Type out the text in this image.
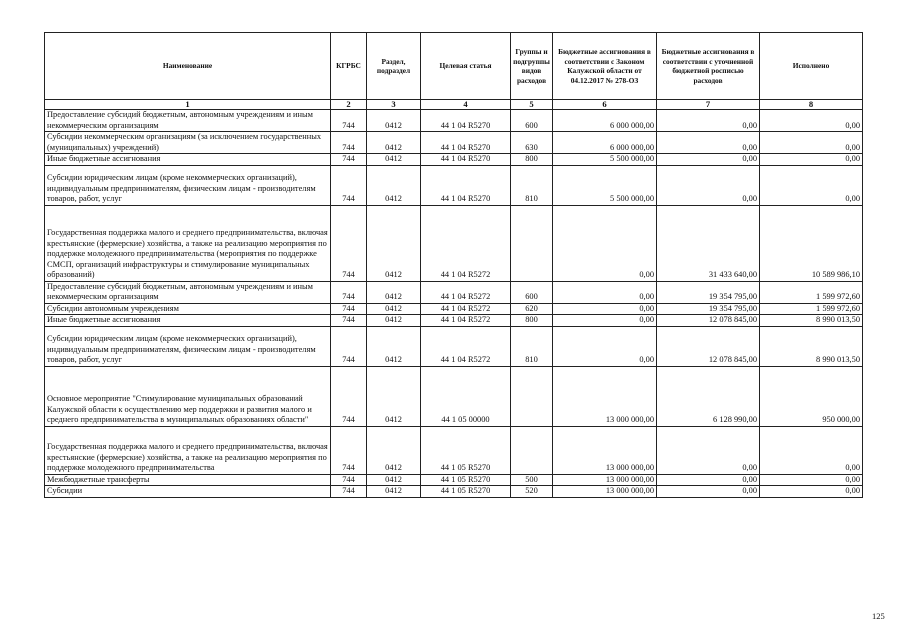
Наименование	КГРБС	Раздел, подраздел	Целевая статья	Группы и подгруппы видов расходов	Бюджетные ассигнования в соответствии с Законом Калужской области от 04.12.2017 № 278-ОЗ	Бюджетные ассигнования в соответствии с уточненной бюджетной росписью расходов	Исполнено
1	2	3	4	5	6	7	8
Предоставление субсидий бюджетным, автономным учреждениям и иным некоммерческим организациям	744	0412	44 1 04 R5270	600	6 000 000,00	0,00	0,00
Субсидии некоммерческим организациям (за исключением государственных (муниципальных) учреждений)	744	0412	44 1 04 R5270	630	6 000 000,00	0,00	0,00
Иные бюджетные ассигнования	744	0412	44 1 04 R5270	800	5 500 000,00	0,00	0,00
Субсидии юридическим лицам (кроме некоммерческих организаций), индивидуальным предпринимателям, физическим лицам - производителям товаров, работ, услуг	744	0412	44 1 04 R5270	810	5 500 000,00	0,00	0,00
Государственная поддержка малого и среднего предпринимательства, включая крестьянские (фермерские) хозяйства, а также на реализацию мероприятия по поддержке молодежного предпринимательства (мероприятия по поддержке СМСП, организаций инфраструктуры и стимулирование муниципальных образований)	744	0412	44 1 04 R5272		0,00	31 433 640,00	10 589 986,10
Предоставление субсидий бюджетным, автономным учреждениям и иным некоммерческим организациям	744	0412	44 1 04 R5272	600	0,00	19 354 795,00	1 599 972,60
Субсидии автономным учреждениям	744	0412	44 1 04 R5272	620	0,00	19 354 795,00	1 599 972,60
Иные бюджетные ассигнования	744	0412	44 1 04 R5272	800	0,00	12 078 845,00	8 990 013,50
Субсидии юридическим лицам (кроме некоммерческих организаций), индивидуальным предпринимателям, физическим лицам - производителям товаров, работ, услуг	744	0412	44 1 04 R5272	810	0,00	12 078 845,00	8 990 013,50
Основное мероприятие "Стимулирование муниципальных образований Калужской области к осуществлению мер поддержки и развития малого и среднего предпринимательства в муниципальных образованиях области"	744	0412	44 1 05 00000		13 000 000,00	6 128 990,00	950 000,00
Государственная поддержка малого и среднего предпринимательства, включая крестьянские (фермерские) хозяйства, а также на реализацию мероприятия по поддержке молодежного предпринимательства	744	0412	44 1 05 R5270		13 000 000,00	0,00	0,00
Межбюджетные трансферты	744	0412	44 1 05 R5270	500	13 000 000,00	0,00	0,00
Субсидии	744	0412	44 1 05 R5270	520	13 000 000,00	0,00	0,00
125
